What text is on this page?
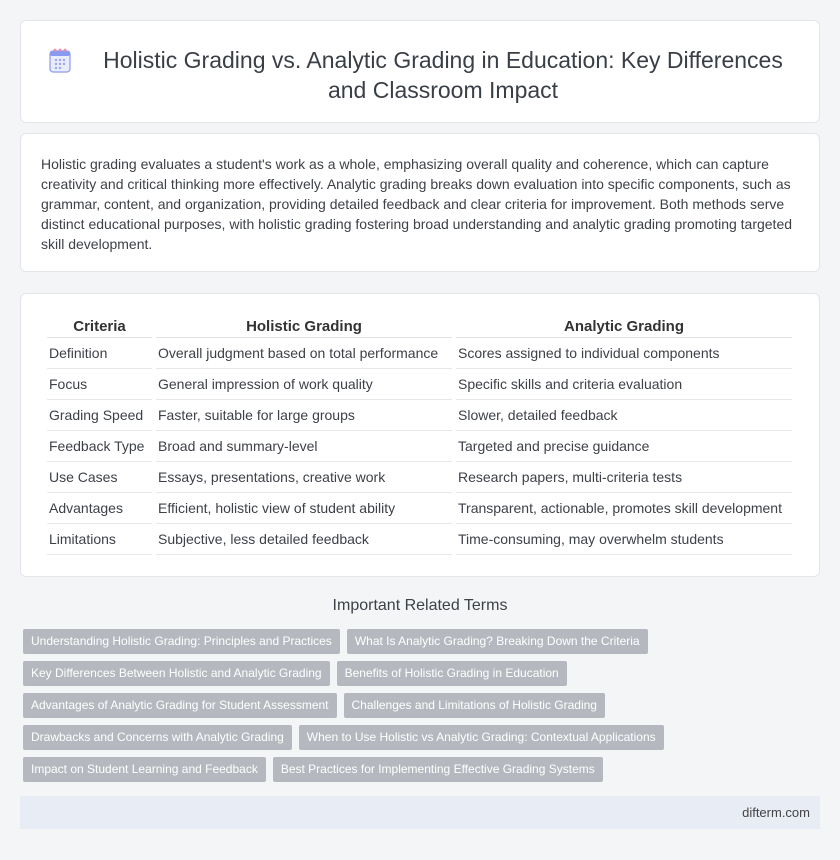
Holistic Grading vs. Analytic Grading in Education: Key Differences and Classroom Impact

Holistic grading evaluates a student's work as a whole, emphasizing overall quality and coherence, which can capture creativity and critical thinking more effectively. Analytic grading breaks down evaluation into specific components, such as grammar, content, and organization, providing detailed feedback and clear criteria for improvement. Both methods serve distinct educational purposes, with holistic grading fostering broad understanding and analytic grading promoting targeted skill development.

Criteria	Holistic Grading	Analytic Grading
Definition	Overall judgment based on total performance	Scores assigned to individual components
Focus	General impression of work quality	Specific skills and criteria evaluation
Grading Speed	Faster, suitable for large groups	Slower, detailed feedback
Feedback Type	Broad and summary-level	Targeted and precise guidance
Use Cases	Essays, presentations, creative work	Research papers, multi-criteria tests
Advantages	Efficient, holistic view of student ability	Transparent, actionable, promotes skill development
Limitations	Subjective, less detailed feedback	Time-consuming, may overwhelm students
Important Related Terms
Understanding Holistic Grading: Principles and Practices	What Is Analytic Grading? Breaking Down the Criteria
Key Differences Between Holistic and Analytic Grading	Benefits of Holistic Grading in Education
Advantages of Analytic Grading for Student Assessment	Challenges and Limitations of Holistic Grading
Drawbacks and Concerns with Analytic Grading	When to Use Holistic vs Analytic Grading: Contextual Applications
Impact on Student Learning and Feedback	Best Practices for Implementing Effective Grading Systems
difterm.com
